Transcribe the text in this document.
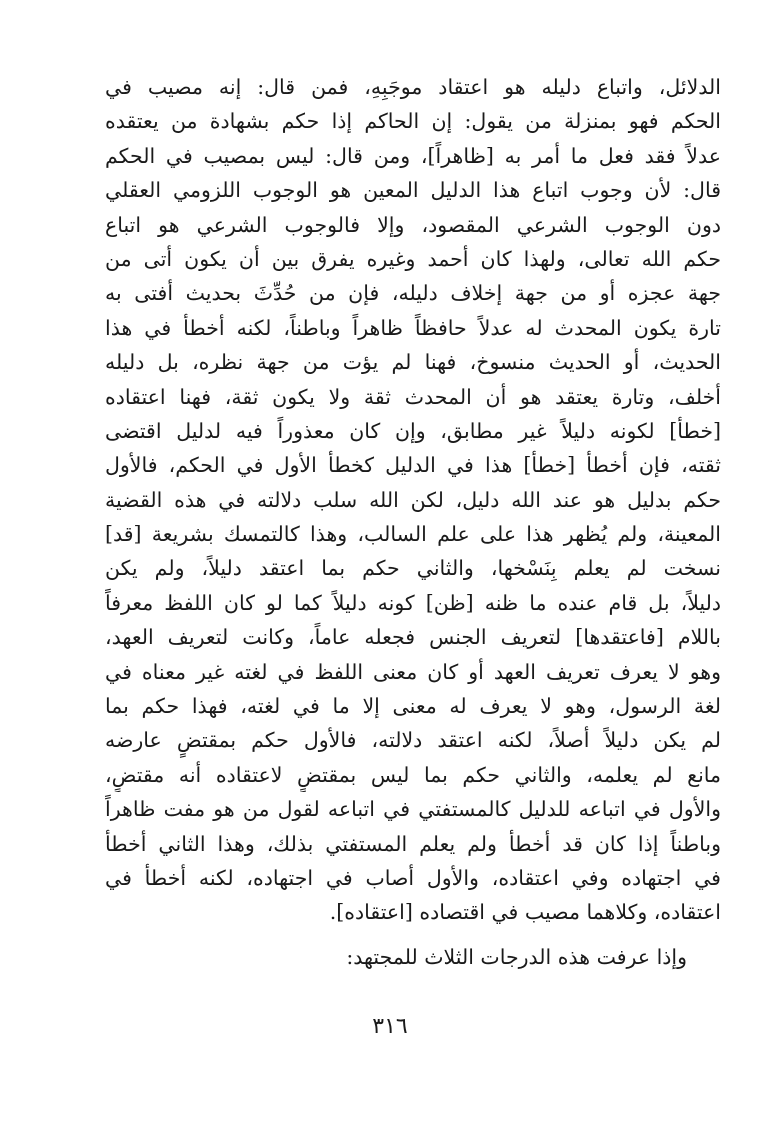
الدلائل، واتباع دليله هو اعتقاد موجَبِهِ، فمن قال: إنه مصيب في
الحكم فهو بمنزلة من يقول: إن الحاكم إذا حكم بشهادة من يعتقده
عدلاً فقد فعل ما أمر به [ظاهراً]، ومن قال: ليس بمصيب في الحكم
قال: لأن وجوب اتباع هذا الدليل المعين هو الوجوب اللزومي العقلي
دون الوجوب الشرعي المقصود، وإلا فالوجوب الشرعي هو اتباع
حكم الله تعالى، ولهذا كان أحمد وغيره يفرق بين أن يكون أتى من
جهة عجزه أو من جهة إخلاف دليله، فإن من حُدِّثَ بحديث أفتى به
تارة يكون المحدث له عدلاً حافظاً ظاهراً وباطناً، لكنه أخطأ في هذا
الحديث، أو الحديث منسوخ، فهنا لم يؤت من جهة نظره، بل دليله
أخلف، وتارة يعتقد هو أن المحدث ثقة ولا يكون ثقة، فهنا اعتقاده
[خطأ] لكونه دليلاً غير مطابق، وإن كان معذوراً فيه لدليل اقتضى
ثقته، فإن أخطأ [خطأ] هذا في الدليل كخطأ الأول في الحكم، فالأول
حكم بدليل هو عند الله دليل، لكن الله سلب دلالته في هذه القضية
المعينة، ولم يُظهر هذا على علم السالب، وهذا كالتمسك بشريعة [قد]
نسخت لم يعلم بِنَسْخها، والثاني حكم بما اعتقد دليلاً، ولم يكن
دليلاً، بل قام عنده ما ظنه [ظن] كونه دليلاً كما لو كان اللفظ معرفاً
باللام [فاعتقدها] لتعريف الجنس فجعله عاماً، وكانت لتعريف العهد،
وهو لا يعرف تعريف العهد أو كان معنى اللفظ في لغته غير معناه في
لغة الرسول، وهو لا يعرف له معنى إلا ما في لغته، فهذا حكم بما
لم يكن دليلاً أصلاً، لكنه اعتقد دلالته، فالأول حكم بمقتضٍ عارضه
مانع لم يعلمه، والثاني حكم بما ليس بمقتضٍ لاعتقاده أنه مقتضٍ،
والأول في اتباعه للدليل كالمستفتي في اتباعه لقول من هو مفت ظاهراً
وباطناً إذا كان قد أخطأ ولم يعلم المستفتي بذلك، وهذا الثاني أخطأ
في اجتهاده وفي اعتقاده، والأول أصاب في اجتهاده، لكنه أخطأ في
اعتقاده، وكلاهما مصيب في اقتصاده [اعتقاده].

وإذا عرفت هذه الدرجات الثلاث للمجتهد:
٣١٦
